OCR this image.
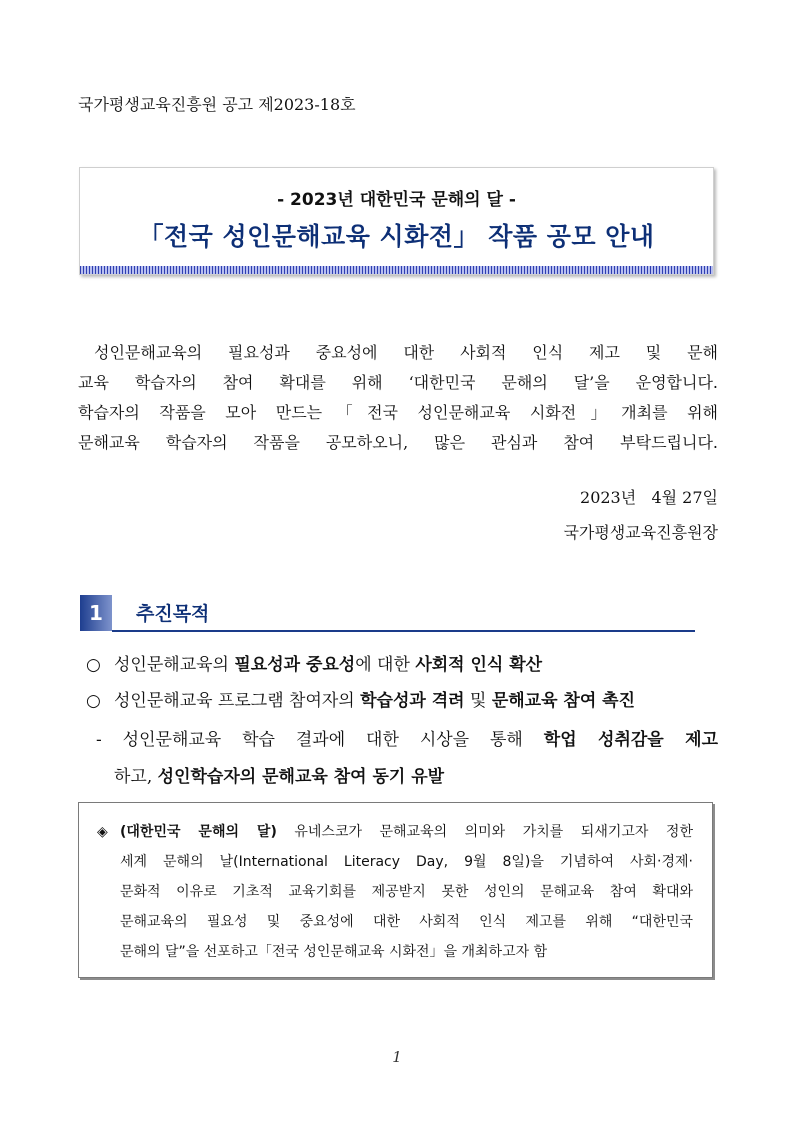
국가평생교육진흥원 공고 제2023-18호
- 2023년 대한민국 문해의 달 -
「전국 성인문해교육 시화전」 작품 공모 안내

성인문해교육의 필요성과 중요성에 대한 사회적 인식 제고 및 문해

교육 학습자의 참여 확대를 위해 ‘대한민국 문해의 달’을 운영합니다.

학습자의 작품을 모아 만드는「전국 성인문해교육 시화전」개최를 위해

문해교육 학습자의 작품을 공모하오니, 많은 관심과 참여 부탁드립니다.

2023년   4월 27일
국가평생교육진흥원장
1	추진목적
○ 성인문해교육의 필요성과 중요성에 대한 사회적 인식 확산
○ 성인문해교육 프로그램 참여자의 학습성과 격려 및 문해교육 참여 촉진
- 성인문해교육 학습 결과에 대한 시상을 통해 학업 성취감을 제고
하고, 성인학습자의 문해교육 참여 동기 유발

◈ (대한민국 문해의 달) 유네스코가 문해교육의 의미와 가치를 되새기고자 정한

세계 문해의 날(International Literacy Day, 9월 8일)을 기념하여 사회‧경제‧

문화적 이유로 기초적 교육기회를 제공받지 못한 성인의 문해교육 참여 확대와

문해교육의 필요성 및 중요성에 대한 사회적 인식 제고를 위해 “대한민국

문해의 달”을 선포하고「전국 성인문해교육 시화전」을 개최하고자 함

1
